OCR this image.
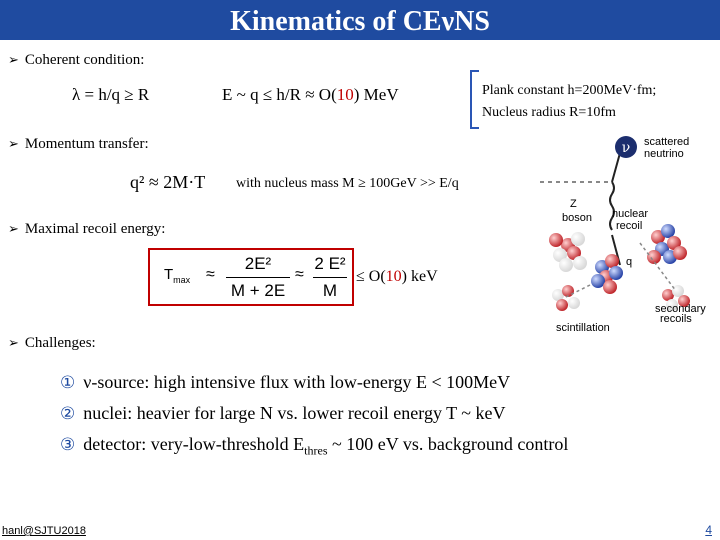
Kinematics of CEνNS
➢ Coherent condition:
λ = h/q ≥ R	E ~ q ≤ h/R ≈ O(10) MeV	Plank constant h=200MeV·fm;
Nucleus radius R=10fm
➢ Momentum transfer:
q² ≈ 2M·T with nucleus mass M ≥ 100GeV >> E/q
➢ Maximal recoil energy:
$T_{max}$ ≈
2E²
M + 2E
≈
2 E²
M
≤ O(10) keV
➢ Challenges:
① ν-source: high intensive flux with low-energy E < 100MeV
② nuclei: heavier for large N vs. lower recoil energy T ~ keV
③ detector: very-low-threshold $E_{thres}$ ~ 100 eV vs. background control
ν scattered
neutrino
Z
boson nuclear
recoil
q
secondary
recoils
scintillation
hanl@SJTU2018	4
